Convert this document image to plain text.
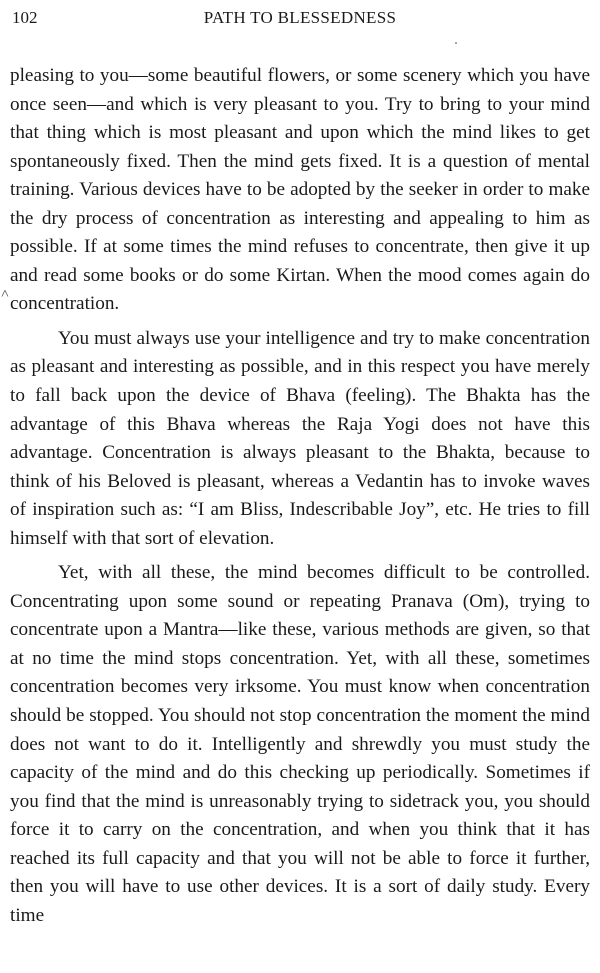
102	PATH TO BLESSEDNESS
˄

pleasing to you—some beautiful flowers, or some scenery which you have once seen—and which is very pleasant to you. Try to bring to your mind that thing which is most pleasant and upon which the mind likes to get spontaneously fixed. Then the mind gets fixed. It is a question of mental training. Various devices have to be adopted by the seeker in order to make the dry process of concentration as interesting and appealing to him as possible. If at some times the mind refuses to concentrate, then give it up and read some books or do some Kirtan. When the mood comes again do concentration.

You must always use your intelligence and try to make concentration as pleasant and interesting as possible, and in this respect you have merely to fall back upon the device of Bhava (feeling). The Bhakta has the advantage of this Bhava whereas the Raja Yogi does not have this advantage. Concentration is always pleasant to the Bhakta, because to think of his Beloved is pleasant, whereas a Vedantin has to invoke waves of inspiration such as: “I am Bliss, Indescribable Joy”, etc. He tries to fill himself with that sort of elevation.

Yet, with all these, the mind becomes difficult to be controlled. Concentrating upon some sound or repeating Pranava (Om), trying to concentrate upon a Mantra—like these, various methods are given, so that at no time the mind stops concentration. Yet, with all these, sometimes concentration becomes very irksome. You must know when concentration should be stopped. You should not stop concentration the moment the mind does not want to do it. Intelligently and shrewdly you must study the capacity of the mind and do this checking up periodically. Sometimes if you find that the mind is unreasonably trying to sidetrack you, you should force it to carry on the concentration, and when you think that it has reached its full capacity and that you will not be able to force it further, then you will have to use other devices. It is a sort of daily study. Every time
